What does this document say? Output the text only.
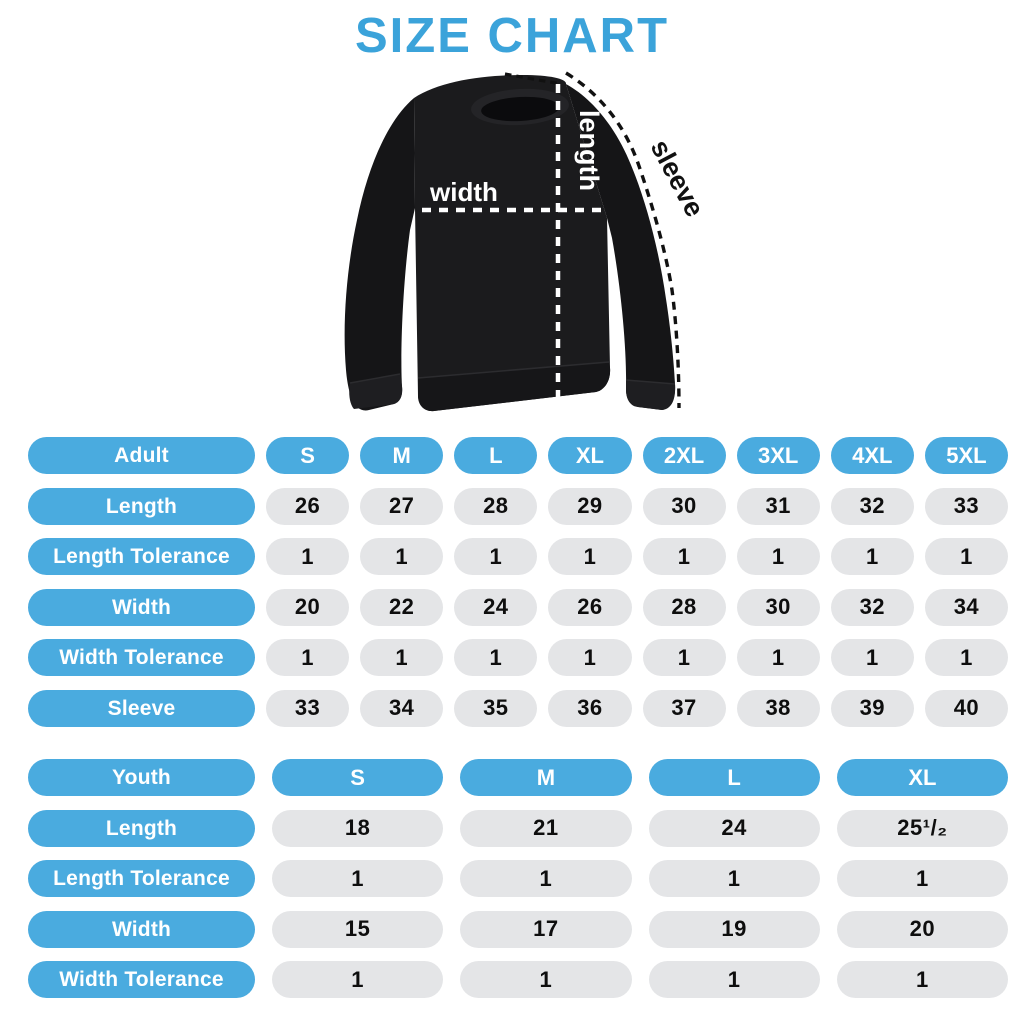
SIZE CHART
width
length sleeve
Adult	S	M	L	XL	2XL	3XL	4XL	5XL
Length	26	27	28	29	30	31	32	33
Length Tolerance	1	1	1	1	1	1	1	1
Width	20	22	24	26	28	30	32	34
Width Tolerance	1	1	1	1	1	1	1	1
Sleeve	33	34	35	36	37	38	39	40
Youth	S	M	L	XL
Length	18	21	24	25¹/₂
Length Tolerance	1	1	1	1
Width	15	17	19	20
Width Tolerance	1	1	1	1
